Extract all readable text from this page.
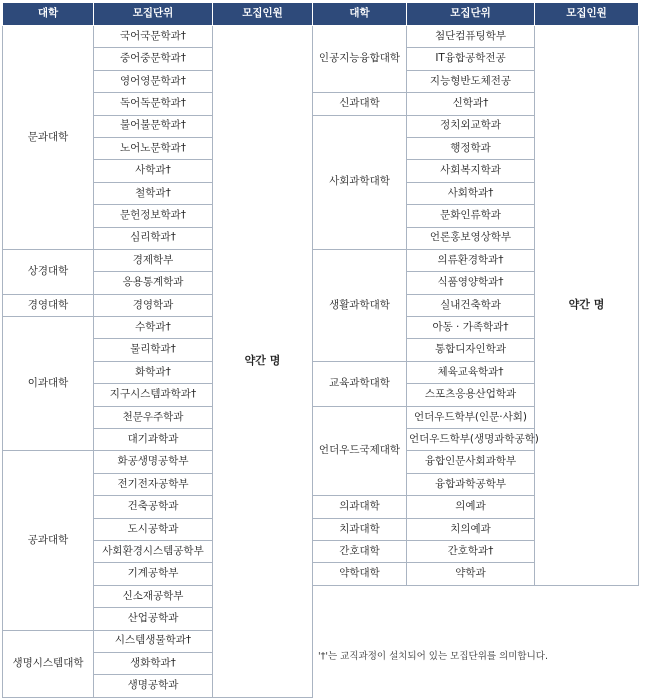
대학	모집단위	모집인원
문과대학	국어국문학과†	약간 명
	중어중문학과†	
	영어영문학과†	
	독어독문학과†	
	불어불문학과†	
	노어노문학과†	
	사학과†	
	철학과†	
	문헌정보학과†	
	심리학과†	
상경대학	경제학부	
	응용통계학과	
경영대학	경영학과	
이과대학	수학과†	
	물리학과†	
	화학과†	
	지구시스템과학과†	
	천문우주학과	
	대기과학과	
공과대학	화공생명공학부	
	전기전자공학부	
	건축공학과	
	도시공학과	
	사회환경시스템공학부	
	기계공학부	
	신소재공학부	
	산업공학과	
생명시스템대학	시스템생물학과†	
	생화학과†	
	생명공학과	
대학	모집단위	모집인원
인공지능융합대학	첨단컴퓨팅학부	약간 명
	IT융합공학전공	
	지능형반도체전공	
신과대학	신학과†	
사회과학대학	정치외교학과	
	행정학과	
	사회복지학과	
	사회학과†	
	문화인류학과	
	언론홍보영상학부	
생활과학대학	의류환경학과†	
	식품영양학과†	
	실내건축학과	
	아동 · 가족학과†	
	통합디자인학과	
교육과학대학	체육교육학과†	
	스포츠응용산업학과	
언더우드국제대학	언더우드학부(인문·사회)	
	언더우드학부(생명과학공학)	
	융합인문사회과학부	
	융합과학공학부	
의과대학	의예과	
치과대학	치의예과	
간호대학	간호학과†	
약학대학	약학과	
'†'는 교직과정이 설치되어 있는 모집단위를 의미합니다.
